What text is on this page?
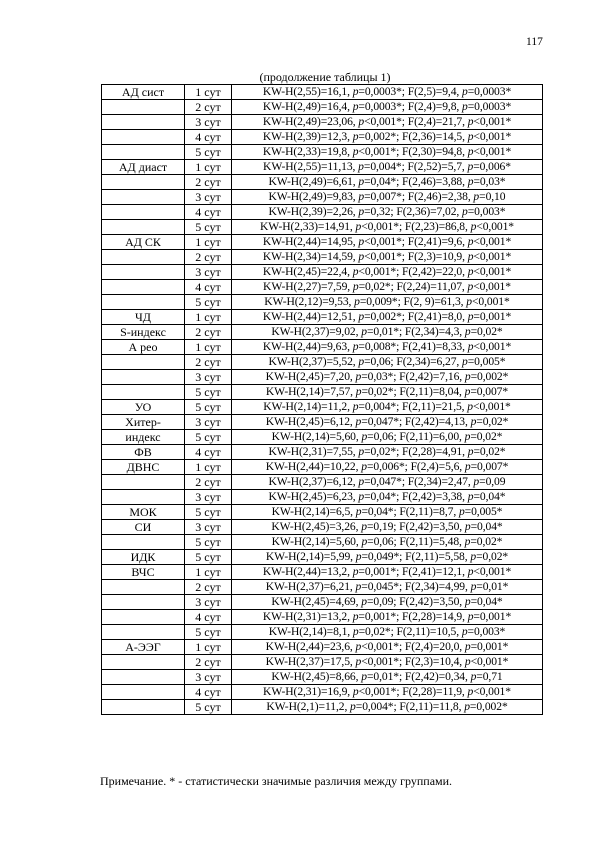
117
(продолжение таблицы 1)
АД сист	1 сут	KW-H(2,55)=16,1, p=0,0003*; F(2,5)=9,4, p=0,0003*
	2 сут	KW-H(2,49)=16,4, p=0,0003*; F(2,4)=9,8, p=0,0003*
	3 сут	KW-H(2,49)=23,06, p<0,001*; F(2,4)=21,7, p<0,001*
	4 сут	KW-H(2,39)=12,3, p=0,002*; F(2,36)=14,5, p<0,001*
	5 сут	KW-H(2,33)=19,8, p<0,001*; F(2,30)=94,8, p<0,001*
АД диаст	1 сут	KW-H(2,55)=11,13, p=0,004*; F(2,52)=5,7, p=0,006*
	2 сут	KW-H(2,49)=6,61, p=0,04*; F(2,46)=3,88, p=0,03*
	3 сут	KW-H(2,49)=9,83, p=0,007*; F(2,46)=2,38, p=0,10
	4 сут	KW-H(2,39)=2,26, p=0,32; F(2,36)=7,02, p=0,003*
	5 сут	KW-H(2,33)=14,91, p<0,001*; F(2,23)=86,8, p<0,001*
АД СК	1 сут	KW-H(2,44)=14,95, p<0,001*; F(2,41)=9,6, p<0,001*
	2 сут	KW-H(2,34)=14,59, p<0,001*; F(2,3)=10,9, p<0,001*
	3 сут	KW-H(2,45)=22,4, p<0,001*; F(2,42)=22,0, p<0,001*
	4 сут	KW-H(2,27)=7,59, p=0,02*; F(2,24)=11,07, p<0,001*
	5 сут	KW-H(2,12)=9,53, p=0,009*; F(2, 9)=61,3, p<0,001*
ЧД	1 сут	KW-H(2,44)=12,51, p=0,002*; F(2,41)=8,0, p=0,001*
S-индекс	2 сут	KW-H(2,37)=9,02, p=0,01*; F(2,34)=4,3, p=0,02*
А рео	1 сут	KW-H(2,44)=9,63, p=0,008*; F(2,41)=8,33, p<0,001*
	2 сут	KW-H(2,37)=5,52, p=0,06; F(2,34)=6,27, p=0,005*
	3 сут	KW-H(2,45)=7,20, p=0,03*; F(2,42)=7,16, p=0,002*
	5 сут	KW-H(2,14)=7,57, p=0,02*; F(2,11)=8,04, p=0,007*
УО	5 сут	KW-H(2,14)=11,2, p=0,004*; F(2,11)=21,5, p<0,001*
Хитер-	3 сут	KW-H(2,45)=6,12, p=0,047*; F(2,42)=4,13, p=0,02*
индекс	5 сут	KW-H(2,14)=5,60, p=0,06; F(2,11)=6,00, p=0,02*
ФВ	4 сут	KW-H(2,31)=7,55, p=0,02*; F(2,28)=4,91, p=0,02*
ДВНС	1 сут	KW-H(2,44)=10,22, p=0,006*; F(2,4)=5,6, p=0,007*
	2 сут	KW-H(2,37)=6,12, p=0,047*; F(2,34)=2,47, p=0,09
	3 сут	KW-H(2,45)=6,23, p=0,04*; F(2,42)=3,38, p=0,04*
МОК	5 сут	KW-H(2,14)=6,5, p=0,04*; F(2,11)=8,7, p=0,005*
СИ	3 сут	KW-H(2,45)=3,26, p=0,19; F(2,42)=3,50, p=0,04*
	5 сут	KW-H(2,14)=5,60, p=0,06; F(2,11)=5,48, p=0,02*
ИДК	5 сут	KW-H(2,14)=5,99, p=0,049*; F(2,11)=5,58, p=0,02*
ВЧС	1 сут	KW-H(2,44)=13,2, p=0,001*; F(2,41)=12,1, p<0,001*
	2 сут	KW-H(2,37)=6,21, p=0,045*; F(2,34)=4,99, p=0,01*
	3 сут	KW-H(2,45)=4,69, p=0,09; F(2,42)=3,50, p=0,04*
	4 сут	KW-H(2,31)=13,2, p=0,001*; F(2,28)=14,9, p=0,001*
	5 сут	KW-H(2,14)=8,1, p=0,02*; F(2,11)=10,5, p=0,003*
А-ЭЭГ	1 сут	KW-H(2,44)=23,6, p<0,001*; F(2,4)=20,0, p=0,001*
	2 сут	KW-H(2,37)=17,5, p<0,001*; F(2,3)=10,4, p<0,001*
	3 сут	KW-H(2,45)=8,66, p=0,01*; F(2,42)=0,34, p=0,71
	4 сут	KW-H(2,31)=16,9, p<0,001*; F(2,28)=11,9, p<0,001*
	5 сут	KW-H(2,1)=11,2, p=0,004*; F(2,11)=11,8, p=0,002*
Примечание. * - статистически значимые различия между группами.
